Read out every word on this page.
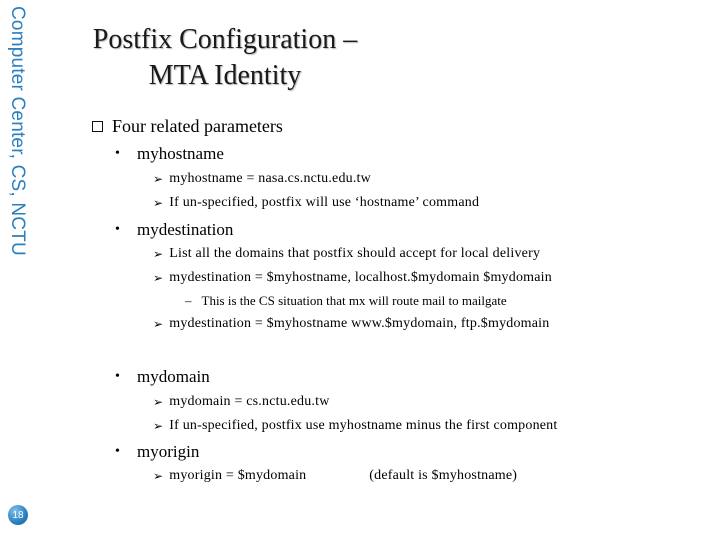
Computer Center, CS, NCTU
18
Postfix Configuration –
MTA Identity
Four related parameters
•	myhostname
➢ myhostname = nasa.cs.nctu.edu.tw
➢ If un-specified, postfix will use ‘hostname’ command
•	mydestination
➢ List all the domains that postfix should accept for local delivery
➢ mydestination = $myhostname, localhost.$mydomain $mydomain
– This is the CS situation that mx will route mail to mailgate
➢ mydestination = $myhostname www.$mydomain, ftp.$mydomain
•	mydomain
➢ mydomain = cs.nctu.edu.tw
➢ If un-specified, postfix use myhostname minus the first component
•	myorigin
➢ myorigin = $mydomain	(default is $myhostname)
